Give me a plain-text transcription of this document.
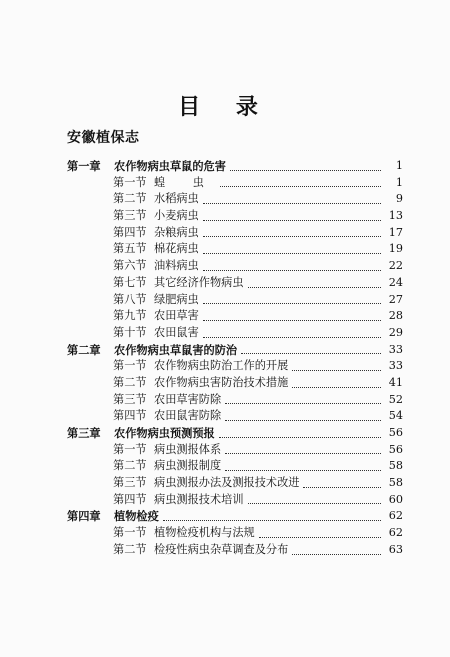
目 录
安徽植保志
第一章 农作物病虫草鼠的危害	1
第一节 蝗 虫	1
第二节 水稻病虫	9
第三节 小麦病虫	13
第四节 杂粮病虫	17
第五节 棉花病虫	19
第六节 油料病虫	22
第七节 其它经济作物病虫	24
第八节 绿肥病虫	27
第九节 农田草害	28
第十节 农田鼠害	29
第二章 农作物病虫草鼠害的防治	33
第一节 农作物病虫防治工作的开展	33
第二节 农作物病虫害防治技术措施	41
第三节 农田草害防除	52
第四节 农田鼠害防除	54
第三章 农作物病虫预测预报	56
第一节 病虫测报体系	56
第二节 病虫测报制度	58
第三节 病虫测报办法及测报技术改进	58
第四节 病虫测报技术培训	60
第四章 植物检疫	62
第一节 植物检疫机构与法规	62
第二节 检疫性病虫杂草调查及分布	63
